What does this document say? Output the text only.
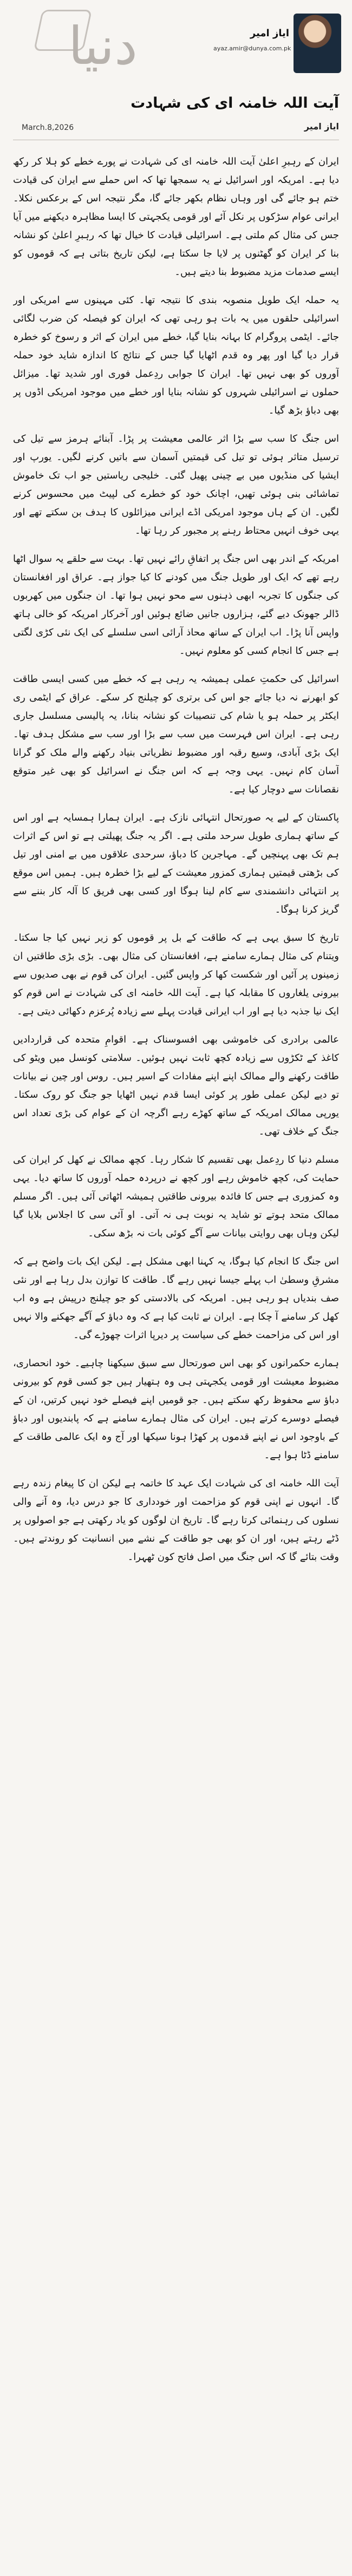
دنیا	ایاز امیر
ayaz.amir@dunya.com.pk
آیت اللہ خامنہ ای کی شہادت
March.8,2026	ایاز امیر

ایران کے رہبرِ اعلیٰ آیت اللہ خامنہ ای کی شہادت نے پورے خطے کو ہلا کر رکھ دیا ہے۔ امریکہ اور اسرائیل نے یہ سمجھا تھا کہ اس حملے سے ایران کی قیادت ختم ہو جائے گی اور وہاں نظام بکھر جائے گا، مگر نتیجہ اس کے برعکس نکلا۔ ایرانی عوام سڑکوں پر نکل آئے اور قومی یکجہتی کا ایسا مظاہرہ دیکھنے میں آیا جس کی مثال کم ملتی ہے۔ اسرائیلی قیادت کا خیال تھا کہ رہبرِ اعلیٰ کو نشانہ بنا کر ایران کو گھٹنوں پر لایا جا سکتا ہے، لیکن تاریخ بتاتی ہے کہ قوموں کو ایسے صدمات مزید مضبوط بنا دیتے ہیں۔

یہ حملہ ایک طویل منصوبہ بندی کا نتیجہ تھا۔ کئی مہینوں سے امریکی اور اسرائیلی حلقوں میں یہ بات ہو رہی تھی کہ ایران کو فیصلہ کن ضرب لگائی جائے۔ ایٹمی پروگرام کا بہانہ بنایا گیا، خطے میں ایران کے اثر و رسوخ کو خطرہ قرار دیا گیا اور پھر وہ قدم اٹھایا گیا جس کے نتائج کا اندازہ شاید خود حملہ آوروں کو بھی نہیں تھا۔ ایران کا جوابی ردِعمل فوری اور شدید تھا۔ میزائل حملوں نے اسرائیلی شہروں کو نشانہ بنایا اور خطے میں موجود امریکی اڈوں پر بھی دباؤ بڑھ گیا۔

اس جنگ کا سب سے بڑا اثر عالمی معیشت پر پڑا۔ آبنائے ہرمز سے تیل کی ترسیل متاثر ہوئی تو تیل کی قیمتیں آسمان سے باتیں کرنے لگیں۔ یورپ اور ایشیا کی منڈیوں میں بے چینی پھیل گئی۔ خلیجی ریاستیں جو اب تک خاموش تماشائی بنی ہوئی تھیں، اچانک خود کو خطرے کی لپیٹ میں محسوس کرنے لگیں۔ ان کے ہاں موجود امریکی اڈے ایرانی میزائلوں کا ہدف بن سکتے تھے اور یہی خوف انہیں محتاط رہنے پر مجبور کر رہا تھا۔

امریکہ کے اندر بھی اس جنگ پر اتفاقِ رائے نہیں تھا۔ بہت سے حلقے یہ سوال اٹھا رہے تھے کہ ایک اور طویل جنگ میں کودنے کا کیا جواز ہے۔ عراق اور افغانستان کی جنگوں کا تجربہ ابھی ذہنوں سے محو نہیں ہوا تھا۔ ان جنگوں میں کھربوں ڈالر جھونک دیے گئے، ہزاروں جانیں ضائع ہوئیں اور آخرکار امریکہ کو خالی ہاتھ واپس آنا پڑا۔ اب ایران کے ساتھ محاذ آرائی اسی سلسلے کی ایک نئی کڑی لگتی ہے جس کا انجام کسی کو معلوم نہیں۔

اسرائیل کی حکمتِ عملی ہمیشہ یہ رہی ہے کہ خطے میں کسی ایسی طاقت کو ابھرنے نہ دیا جائے جو اس کی برتری کو چیلنج کر سکے۔ عراق کے ایٹمی ری ایکٹر پر حملہ ہو یا شام کی تنصیبات کو نشانہ بنانا، یہ پالیسی مسلسل جاری رہی ہے۔ ایران اس فہرست میں سب سے بڑا اور سب سے مشکل ہدف تھا۔ ایک بڑی آبادی، وسیع رقبہ اور مضبوط نظریاتی بنیاد رکھنے والے ملک کو گرانا آسان کام نہیں۔ یہی وجہ ہے کہ اس جنگ نے اسرائیل کو بھی غیر متوقع نقصانات سے دوچار کیا ہے۔

پاکستان کے لیے یہ صورتحال انتہائی نازک ہے۔ ایران ہمارا ہمسایہ ہے اور اس کے ساتھ ہماری طویل سرحد ملتی ہے۔ اگر یہ جنگ پھیلتی ہے تو اس کے اثرات ہم تک بھی پہنچیں گے۔ مہاجرین کا دباؤ، سرحدی علاقوں میں بے امنی اور تیل کی بڑھتی قیمتیں ہماری کمزور معیشت کے لیے بڑا خطرہ ہیں۔ ہمیں اس موقع پر انتہائی دانشمندی سے کام لینا ہوگا اور کسی بھی فریق کا آلہ کار بننے سے گریز کرنا ہوگا۔

تاریخ کا سبق یہی ہے کہ طاقت کے بل پر قوموں کو زیر نہیں کیا جا سکتا۔ ویتنام کی مثال ہمارے سامنے ہے، افغانستان کی مثال بھی۔ بڑی بڑی طاقتیں ان زمینوں پر آئیں اور شکست کھا کر واپس گئیں۔ ایران کی قوم نے بھی صدیوں سے بیرونی یلغاروں کا مقابلہ کیا ہے۔ آیت اللہ خامنہ ای کی شہادت نے اس قوم کو ایک نیا جذبہ دیا ہے اور اب ایرانی قیادت پہلے سے زیادہ پُرعزم دکھائی دیتی ہے۔

عالمی برادری کی خاموشی بھی افسوسناک ہے۔ اقوامِ متحدہ کی قراردادیں کاغذ کے ٹکڑوں سے زیادہ کچھ ثابت نہیں ہوئیں۔ سلامتی کونسل میں ویٹو کی طاقت رکھنے والے ممالک اپنے اپنے مفادات کے اسیر ہیں۔ روس اور چین نے بیانات تو دیے لیکن عملی طور پر کوئی ایسا قدم نہیں اٹھایا جو جنگ کو روک سکتا۔ یورپی ممالک امریکہ کے ساتھ کھڑے رہے اگرچہ ان کے عوام کی بڑی تعداد اس جنگ کے خلاف تھی۔

مسلم دنیا کا ردِعمل بھی تقسیم کا شکار رہا۔ کچھ ممالک نے کھل کر ایران کی حمایت کی، کچھ خاموش رہے اور کچھ نے درپردہ حملہ آوروں کا ساتھ دیا۔ یہی وہ کمزوری ہے جس کا فائدہ بیرونی طاقتیں ہمیشہ اٹھاتی آئی ہیں۔ اگر مسلم ممالک متحد ہوتے تو شاید یہ نوبت ہی نہ آتی۔ او آئی سی کا اجلاس بلایا گیا لیکن وہاں بھی روایتی بیانات سے آگے کوئی بات نہ بڑھ سکی۔

اس جنگ کا انجام کیا ہوگا، یہ کہنا ابھی مشکل ہے۔ لیکن ایک بات واضح ہے کہ مشرقِ وسطیٰ اب پہلے جیسا نہیں رہے گا۔ طاقت کا توازن بدل رہا ہے اور نئی صف بندیاں ہو رہی ہیں۔ امریکہ کی بالادستی کو جو چیلنج درپیش ہے وہ اب کھل کر سامنے آ چکا ہے۔ ایران نے ثابت کیا ہے کہ وہ دباؤ کے آگے جھکنے والا نہیں اور اس کی مزاحمت خطے کی سیاست پر دیرپا اثرات چھوڑے گی۔

ہمارے حکمرانوں کو بھی اس صورتحال سے سبق سیکھنا چاہیے۔ خود انحصاری، مضبوط معیشت اور قومی یکجہتی ہی وہ ہتھیار ہیں جو کسی قوم کو بیرونی دباؤ سے محفوظ رکھ سکتے ہیں۔ جو قومیں اپنے فیصلے خود نہیں کرتیں، ان کے فیصلے دوسرے کرتے ہیں۔ ایران کی مثال ہمارے سامنے ہے کہ پابندیوں اور دباؤ کے باوجود اس نے اپنے قدموں پر کھڑا ہونا سیکھا اور آج وہ ایک عالمی طاقت کے سامنے ڈٹا ہوا ہے۔

آیت اللہ خامنہ ای کی شہادت ایک عہد کا خاتمہ ہے لیکن ان کا پیغام زندہ رہے گا۔ انہوں نے اپنی قوم کو مزاحمت اور خودداری کا جو درس دیا، وہ آنے والی نسلوں کی رہنمائی کرتا رہے گا۔ تاریخ ان لوگوں کو یاد رکھتی ہے جو اصولوں پر ڈٹے رہتے ہیں، اور ان کو بھی جو طاقت کے نشے میں انسانیت کو روندتے ہیں۔ وقت بتائے گا کہ اس جنگ میں اصل فاتح کون ٹھہرا۔
